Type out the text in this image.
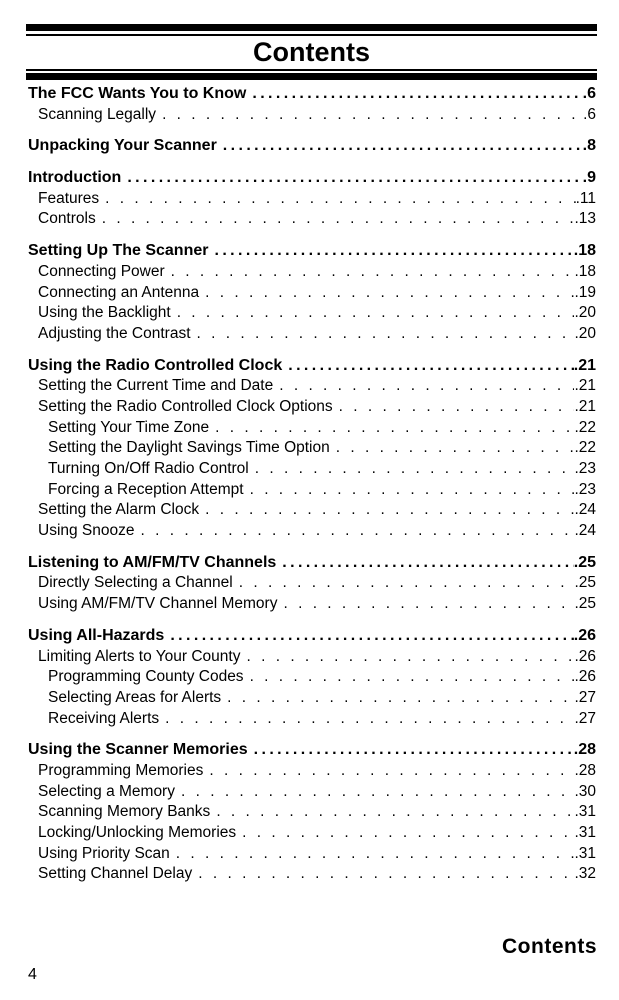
Contents
The FCC Wants You to Know .....	.6
Scanning Legally . . .	.6
Unpacking Your Scanner .....	.8
Introduction .....	.9
Features . . .	.11
Controls . . .	.13
Setting Up The Scanner .....	.18
Connecting Power . . .	.18
Connecting an Antenna . . .	.19
Using the Backlight . . .	.20
Adjusting the Contrast . . .	.20
Using the Radio Controlled Clock .....	.21
Setting the Current Time and Date . . .	.21
Setting the Radio Controlled Clock Options . . .	.21
Setting Your Time Zone . . .	.22
Setting the Daylight Savings Time Option . . .	.22
Turning On/Off Radio Control . . .	.23
Forcing a Reception Attempt . . .	.23
Setting the Alarm Clock . . .	.24
Using Snooze . . .	.24
Listening to AM/FM/TV Channels .....	.25
Directly Selecting a Channel . . .	.25
Using AM/FM/TV Channel Memory . . .	.25
Using All-Hazards .....	.26
Limiting Alerts to Your County . . .	.26
Programming County Codes . . .	.26
Selecting Areas for Alerts . . .	.27
Receiving Alerts . . .	.27
Using the Scanner Memories .....	.28
Programming Memories . . .	.28
Selecting a Memory . . .	.30
Scanning Memory Banks . . .	.31
Locking/Unlocking Memories . . .	.31
Using Priority Scan . . .	.31
Setting Channel Delay . . .	.32
Contents
4
